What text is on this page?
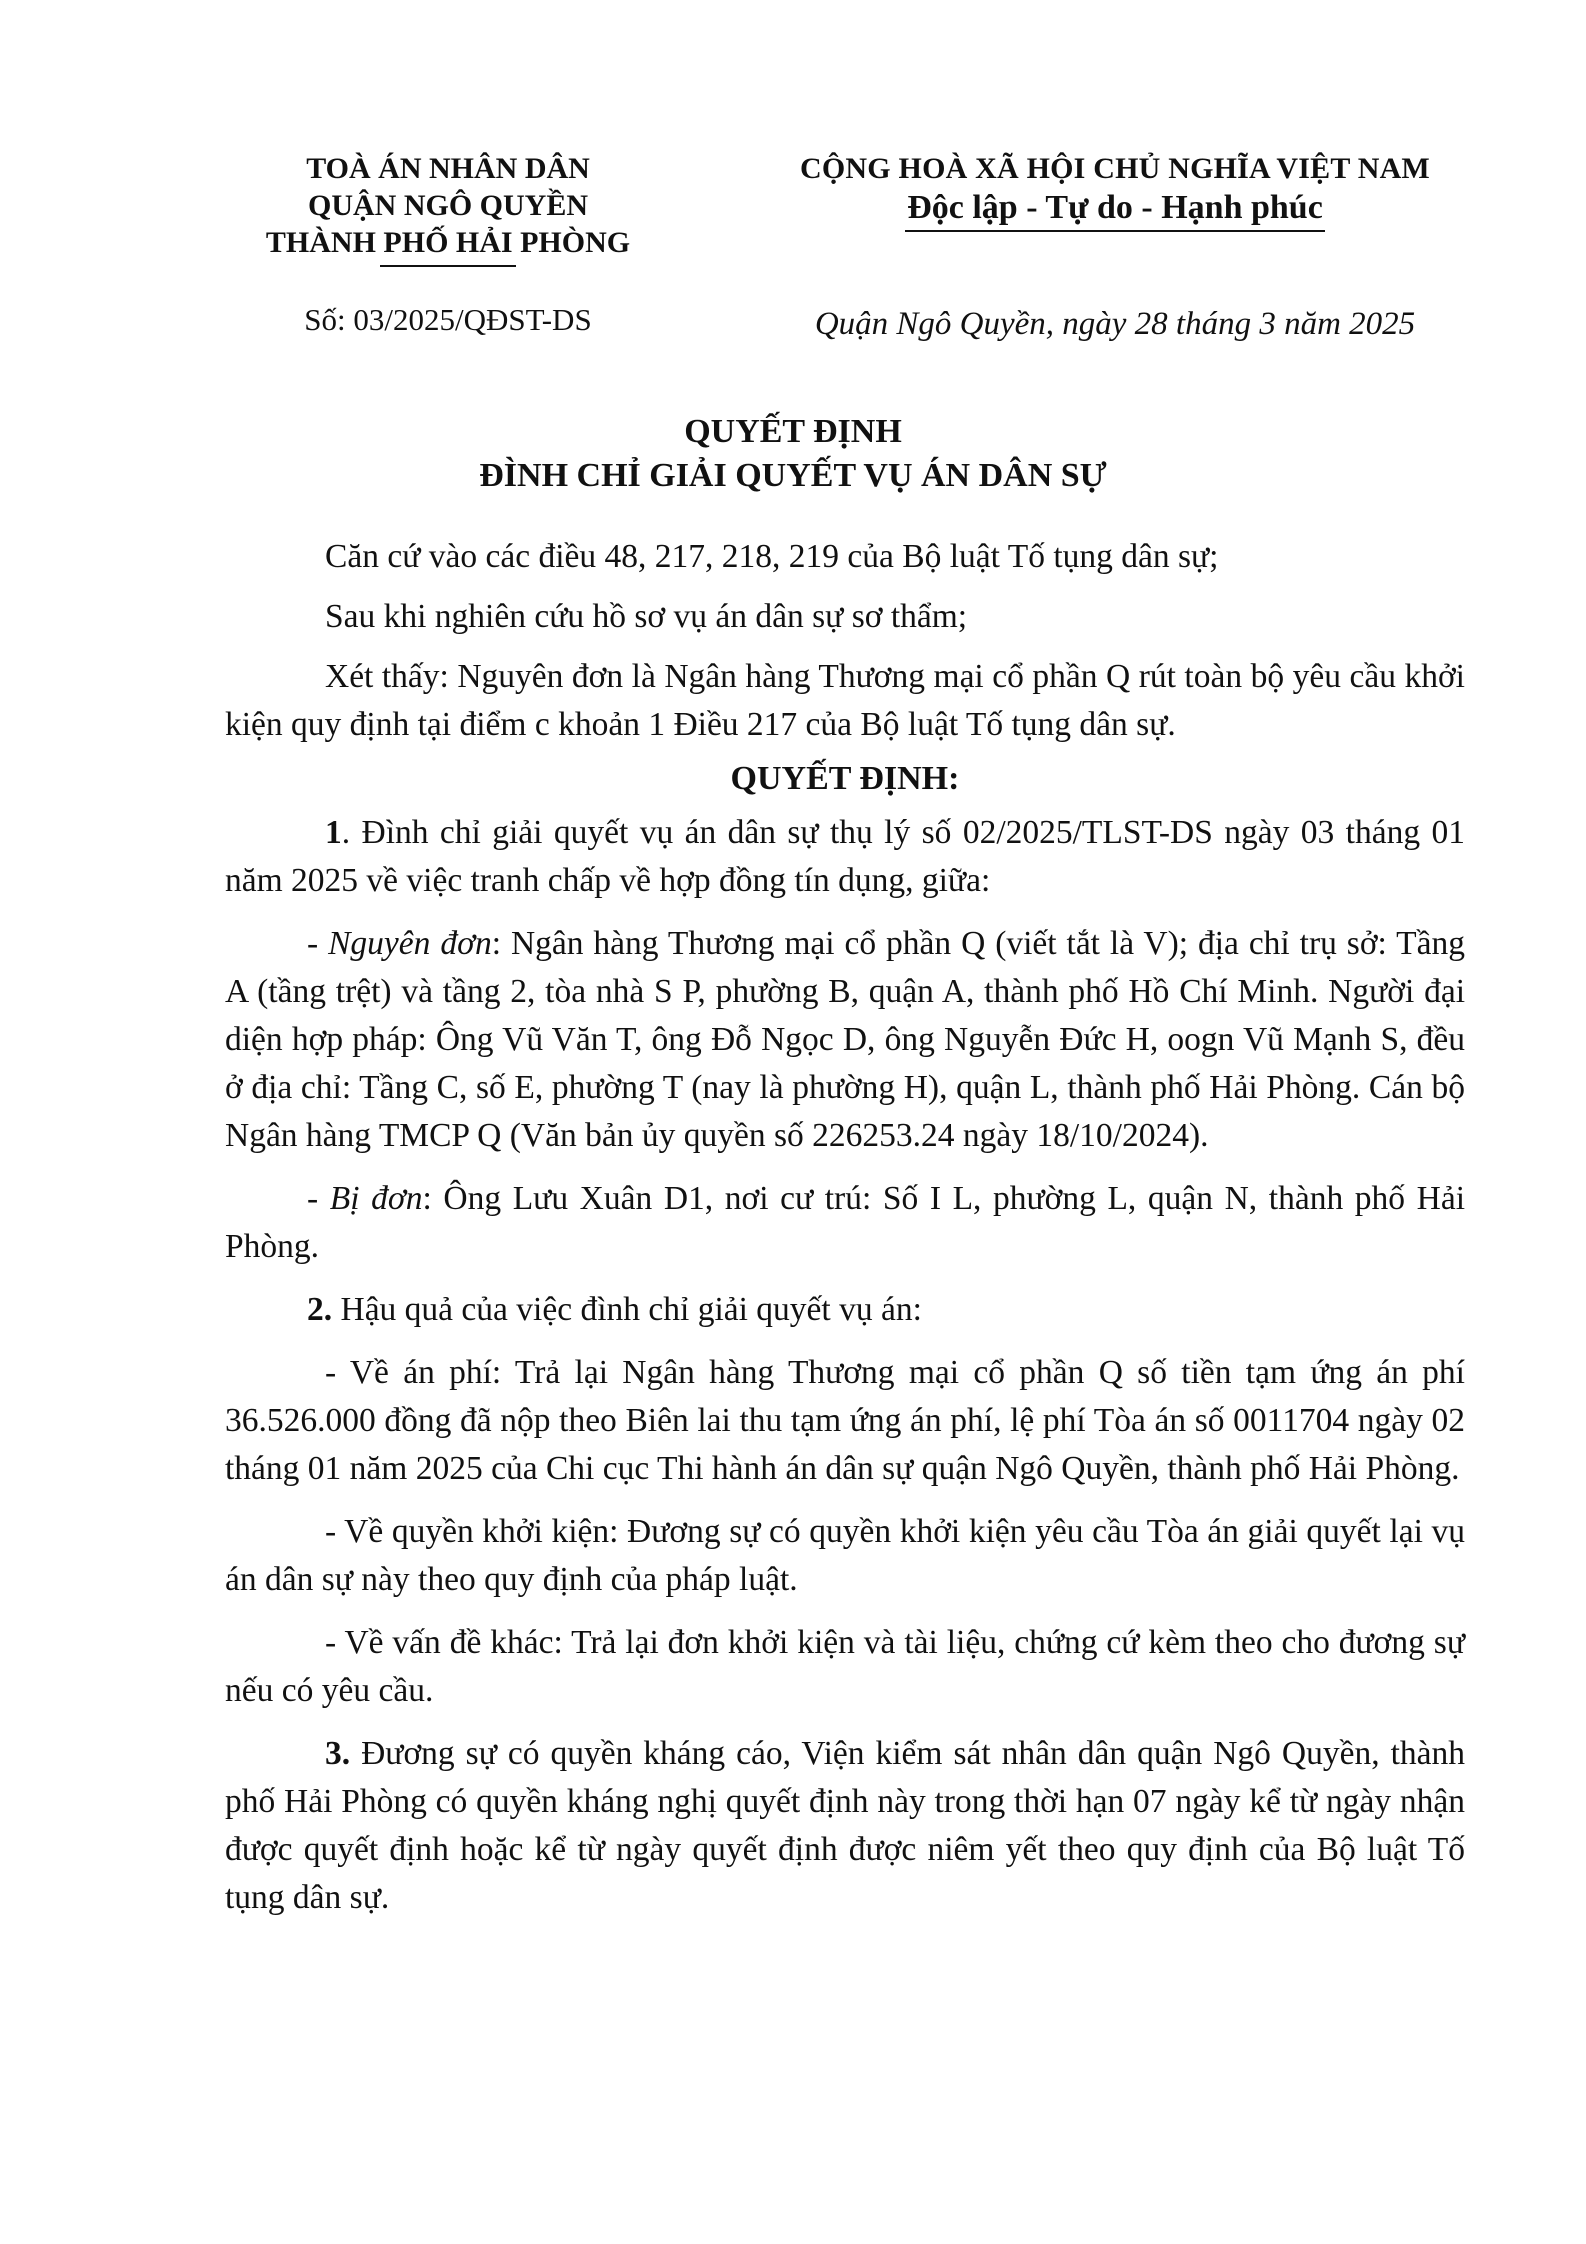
TOÀ ÁN NHÂN DÂN
QUẬN NGÔ QUYỀN
THÀNH PHỐ HẢI PHÒNG
CỘNG HOÀ XÃ HỘI CHỦ NGHĨA VIỆT NAM
Độc lập - Tự do - Hạnh phúc
Số: 03/2025/QĐST-DS	Quận Ngô Quyền, ngày 28 tháng 3 năm 2025
QUYẾT ĐỊNH
ĐÌNH CHỈ GIẢI QUYẾT VỤ ÁN DÂN SỰ

Căn cứ vào các điều 48, 217, 218, 219 của Bộ luật Tố tụng dân sự;

Sau khi nghiên cứu hồ sơ vụ án dân sự sơ thẩm;

Xét thấy: Nguyên đơn là Ngân hàng Thương mại cổ phần Q rút toàn bộ yêu cầu khởi kiện quy định tại điểm c khoản 1 Điều 217 của Bộ luật Tố tụng dân sự.

QUYẾT ĐỊNH:

1. Đình chỉ giải quyết vụ án dân sự thụ lý số 02/2025/TLST-DS ngày 03 tháng 01 năm 2025 về việc tranh chấp về hợp đồng tín dụng, giữa:

- Nguyên đơn: Ngân hàng Thương mại cổ phần Q (viết tắt là V); địa chỉ trụ sở: Tầng A (tầng trệt) và tầng 2, tòa nhà S P, phường B, quận A, thành phố Hồ Chí Minh. Người đại diện hợp pháp: Ông Vũ Văn T, ông Đỗ Ngọc D, ông Nguyễn Đức H, oogn Vũ Mạnh S, đều ở địa chỉ: Tầng C, số E, phường T (nay là phường H), quận L, thành phố Hải Phòng. Cán bộ Ngân hàng TMCP Q (Văn bản ủy quyền số 226253.24 ngày 18/10/2024).

- Bị đơn: Ông Lưu Xuân D1, nơi cư trú: Số I L, phường L, quận N, thành phố Hải Phòng.

2. Hậu quả của việc đình chỉ giải quyết vụ án:

- Về án phí: Trả lại Ngân hàng Thương mại cổ phần Q số tiền tạm ứng án phí 36.526.000 đồng đã nộp theo Biên lai thu tạm ứng án phí, lệ phí Tòa án số 0011704 ngày 02 tháng 01 năm 2025 của Chi cục Thi hành án dân sự quận Ngô Quyền, thành phố Hải Phòng.

- Về quyền khởi kiện: Đương sự có quyền khởi kiện yêu cầu Tòa án giải quyết lại vụ án dân sự này theo quy định của pháp luật.

- Về vấn đề khác: Trả lại đơn khởi kiện và tài liệu, chứng cứ kèm theo cho đương sự nếu có yêu cầu.

3. Đương sự có quyền kháng cáo, Viện kiểm sát nhân dân quận Ngô Quyền, thành phố Hải Phòng có quyền kháng nghị quyết định này trong thời hạn 07 ngày kể từ ngày nhận được quyết định hoặc kể từ ngày quyết định được niêm yết theo quy định của Bộ luật Tố tụng dân sự.
